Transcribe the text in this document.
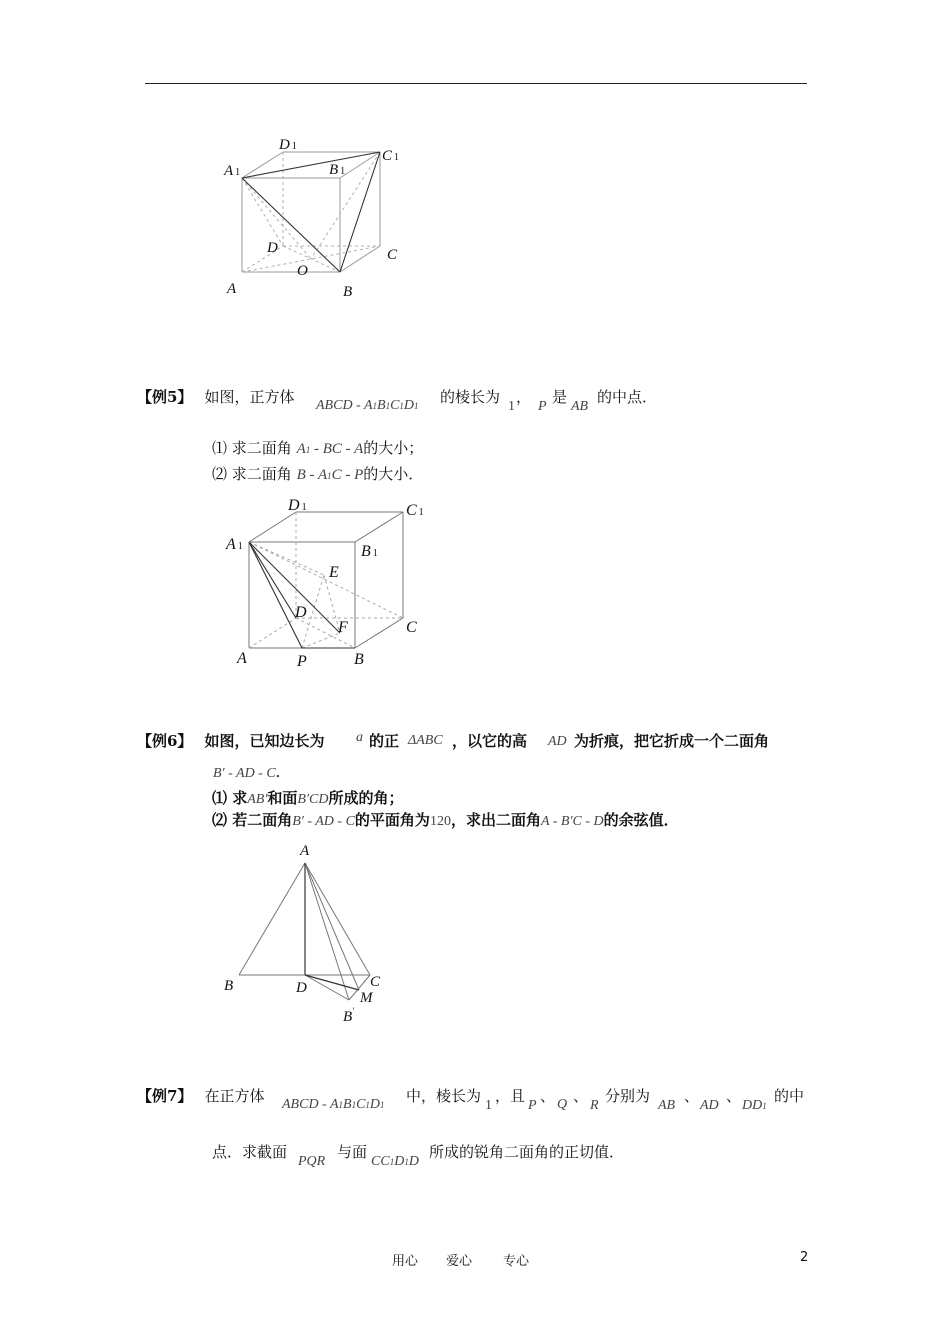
D 1
A 1	B 1
C 1
D	C
O
A	B
【例5】 如图，正方体 ABCD - A1B1C1D1 的棱长为
1
，
P
是
AB
的中点．
⑴ 求二面角 A1 - BC - A的大小；
⑵ 求二面角 B - A1C - P的大小．
D 1	C 1
A 1	B 1
E
D
F	C
A	P	B
【例6】 如图，已知边长为 a 的正 ΔABC ，以它的高 AD 为折痕，把它折成一个二面角
B′ - AD - C．
⑴ 求AB′和面B′CD所成的角；
⑵ 若二面角B′ - AD - C的平面角为120，求出二面角A - B′C - D的余弦值．
A
B	D	C
M
B′
【例7】 在正方体 ABCD - A1B1C1D1 中，棱长为
1
，且
P
、 Q 、
R
分别为
AB
、
AD
、
DD1
的中
点．求截面
PQR
与面
CC1D1D
所成的锐角二面角的正切值．
用心 爱心 专心	2
